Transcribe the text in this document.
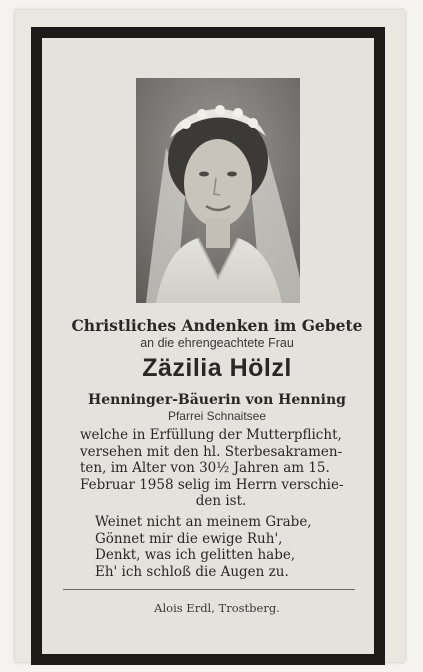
Christliches Andenken im Gebete
an die ehrengeachtete Frau
Zäzilia Hölzl
Henninger-Bäuerin von Henning
Pfarrei Schnaitsee
welche in Erfüllung der Mutterpflicht,
versehen mit den hl. Sterbesakramen-
ten, im Alter von 30½ Jahren am 15.
Februar 1958 selig im Herrn verschie-
den ist.
Weinet nicht an meinem Grabe,
Gönnet mir die ewige Ruh',
Denkt, was ich gelitten habe,
Eh' ich schloß die Augen zu.
Alois Erdl, Trostberg.
